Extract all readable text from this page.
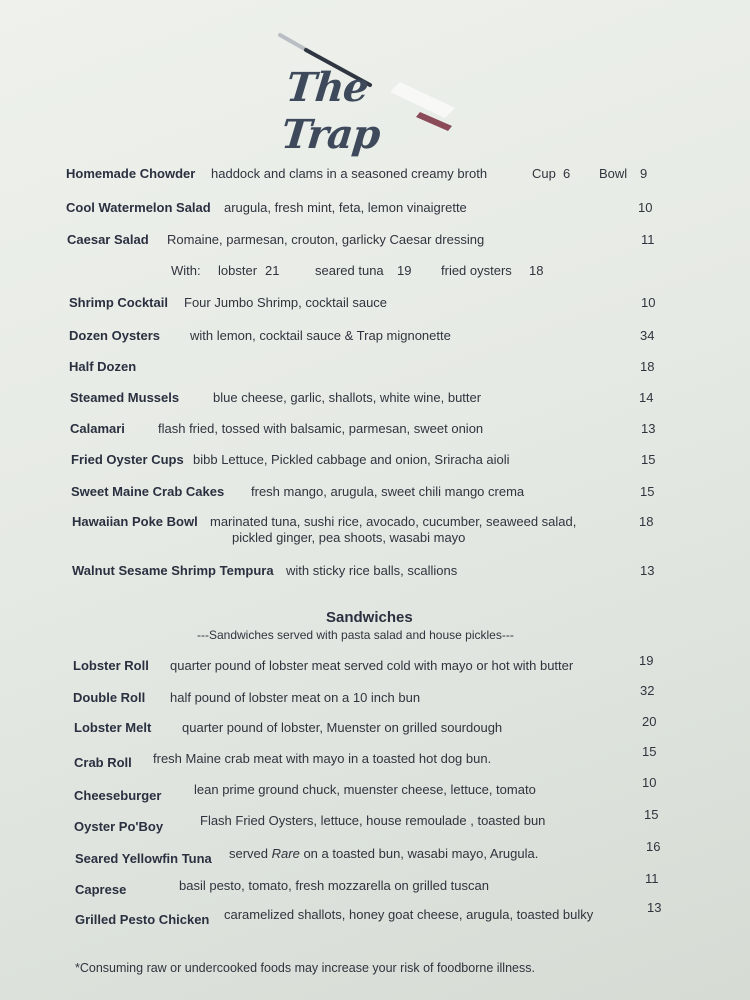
The Trap
Homemade Chowder haddock and clams in a seasoned creamy broth	Cup 6 Bowl 9
Cool Watermelon Salad arugula, fresh mint, feta, lemon vinaigrette	10
Caesar Salad Romaine, parmesan, crouton, garlicky Caesar dressing	11
With: lobster 21	seared tuna 19 fried oysters 18
Shrimp Cocktail Four Jumbo Shrimp, cocktail sauce	10
Dozen Oysters with lemon, cocktail sauce & Trap mignonette	34
Half Dozen	18
Steamed Mussels	blue cheese, garlic, shallots, white wine, butter	14
Calamari	flash fried, tossed with balsamic, parmesan, sweet onion	13
Fried Oyster Cups bibb Lettuce, Pickled cabbage and onion, Sriracha aioli	15
Sweet Maine Crab Cakes fresh mango, arugula, sweet chili mango crema	15
Hawaiian Poke Bowl marinated tuna, sushi rice, avocado, cucumber, seaweed salad,
pickled ginger, pea shoots, wasabi mayo
18
Walnut Sesame Shrimp Tempura with sticky rice balls, scallions	13
Sandwiches
---Sandwiches served with pasta salad and house pickles---
Lobster Roll quarter pound of lobster meat served cold with mayo or hot with butter	19
Double Roll half pound of lobster meat on a 10 inch bun	32
Lobster Melt quarter pound of lobster, Muenster on grilled sourdough	20
Crab Roll fresh Maine crab meat with mayo in a toasted hot dog bun.	15
Cheeseburger	lean prime ground chuck, muenster cheese, lettuce, tomato	10
Oyster Po'Boy	Flash Fried Oysters, lettuce, house remoulade , toasted bun	15
Seared Yellowfin Tuna served Rare on a toasted bun, wasabi mayo, Arugula.	16
Caprese	basil pesto, tomato, fresh mozzarella on grilled tuscan	11
Grilled Pesto Chicken caramelized shallots, honey goat cheese, arugula, toasted bulky	13
*Consuming raw or undercooked foods may increase your risk of foodborne illness.
